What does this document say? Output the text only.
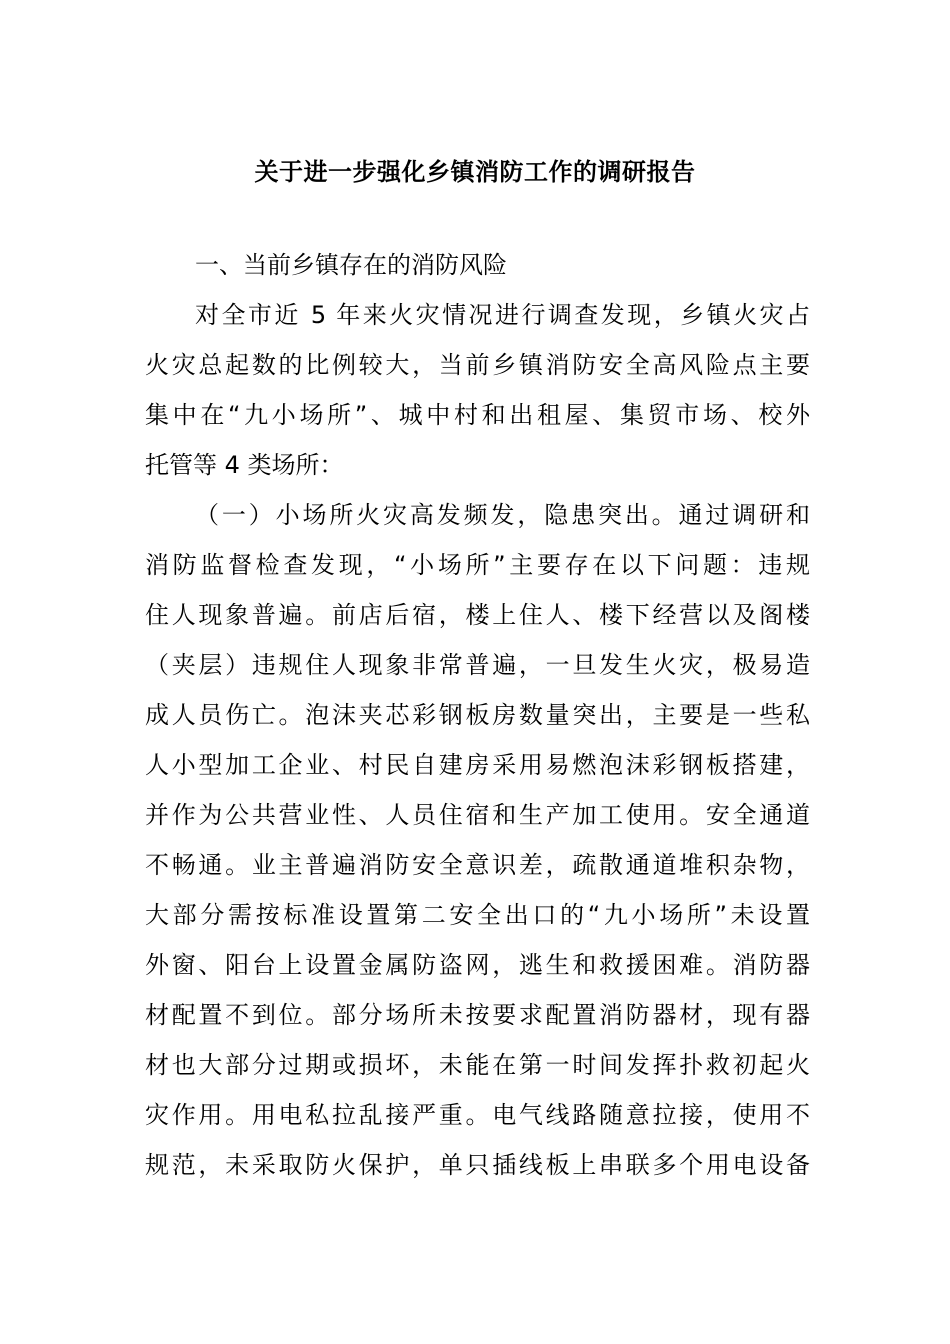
关于进一步强化乡镇消防工作的调研报告
一、当前乡镇存在的消防风险
对全市近 5 年来火灾情况进行调查发现，乡镇火灾占
火灾总起数的比例较大，当前乡镇消防安全高风险点主要
集中在“九小场所”、城中村和出租屋、集贸市场、校外
托管等 4 类场所：
（一）小场所火灾高发频发，隐患突出。通过调研和
消防监督检查发现，“小场所”主要存在以下问题：违规
住人现象普遍。前店后宿，楼上住人、楼下经营以及阁楼
（夹层）违规住人现象非常普遍，一旦发生火灾，极易造
成人员伤亡。泡沫夹芯彩钢板房数量突出，主要是一些私
人小型加工企业、村民自建房采用易燃泡沫彩钢板搭建，
并作为公共营业性、人员住宿和生产加工使用。安全通道
不畅通。业主普遍消防安全意识差，疏散通道堆积杂物，
大部分需按标准设置第二安全出口的“九小场所”未设置
外窗、阳台上设置金属防盗网，逃生和救援困难。消防器
材配置不到位。部分场所未按要求配置消防器材，现有器
材也大部分过期或损坏，未能在第一时间发挥扑救初起火
灾作用。用电私拉乱接严重。电气线路随意拉接，使用不
规范，未采取防火保护，单只插线板上串联多个用电设备
